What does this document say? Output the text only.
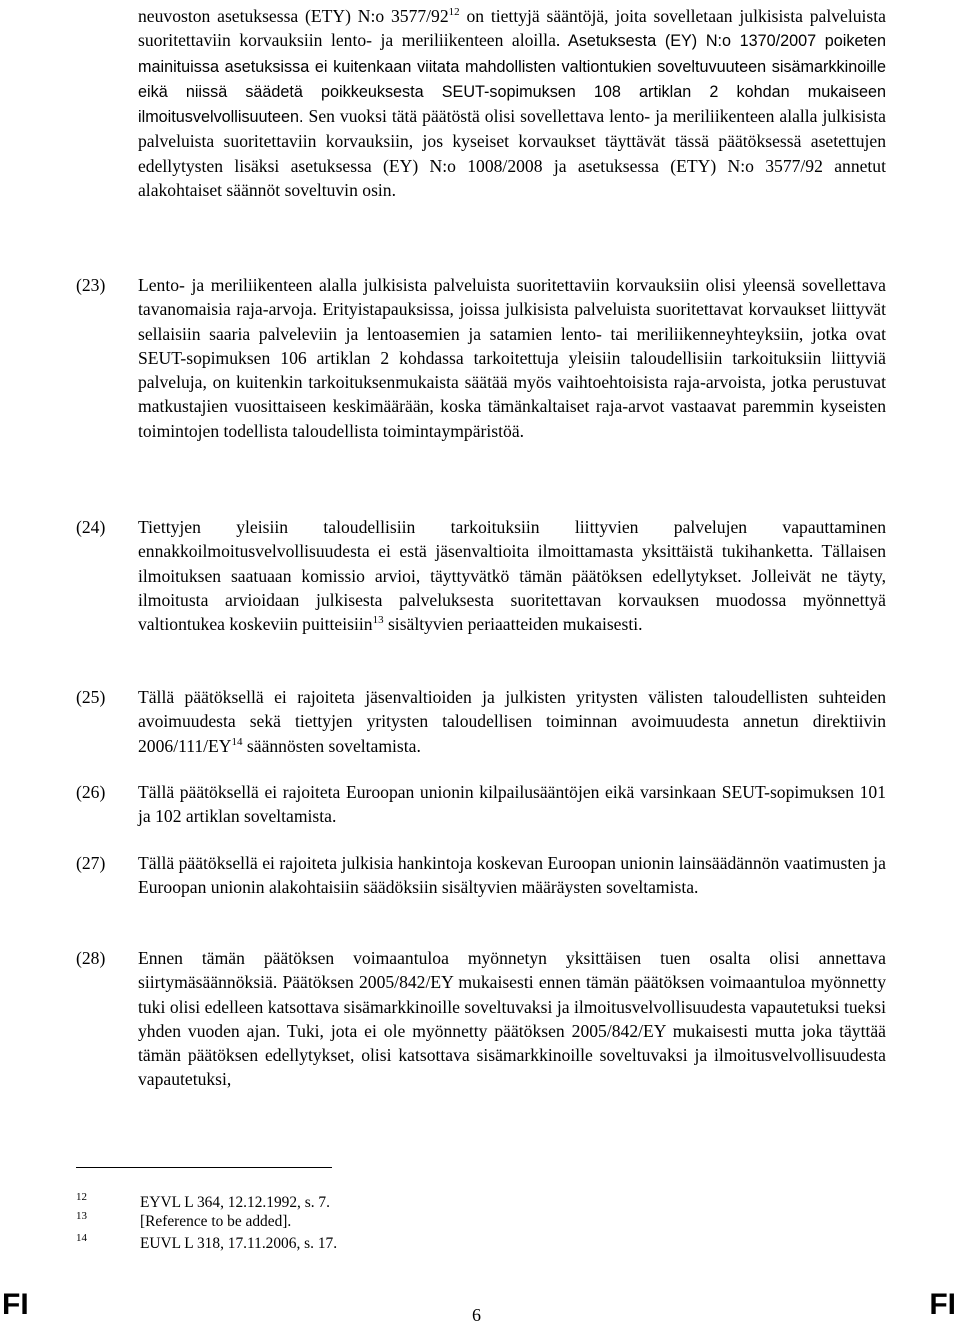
neuvoston asetuksessa (ETY) N:o $3577/92^{12}$ on tiettyjä sääntöjä, joita sovelletaan julkisista palveluista suoritettaviin korvauksiin lento- ja meriliikenteen aloilla. Asetuksesta (EY) N:o 1370/2007 poiketen mainituissa asetuksissa ei kuitenkaan viitata mahdollisten valtiontukien soveltuvuuteen sisämarkkinoille eikä niissä säädetä poikkeuksesta SEUT-sopimuksen 108 artiklan 2 kohdan mukaiseen ilmoitusvelvollisuuteen. Sen vuoksi tätä päätöstä olisi sovellettava lento- ja meriliikenteen alalla julkisista palveluista suoritettaviin korvauksiin, jos kyseiset korvaukset täyttävät tässä päätöksessä asetettujen edellytysten lisäksi asetuksessa (EY) N:o 1008/2008 ja asetuksessa (ETY) N:o 3577/92 annetut alakohtaiset säännöt soveltuvin osin.

(23) Lento- ja meriliikenteen alalla julkisista palveluista suoritettaviin korvauksiin olisi yleensä sovellettava tavanomaisia raja-arvoja. Erityistapauksissa, joissa julkisista palveluista suoritettavat korvaukset liittyvät sellaisiin saaria palveleviin ja lentoasemien ja satamien lento- tai meriliikenneyhteyksiin, jotka ovat SEUT-sopimuksen 106 artiklan 2 kohdassa tarkoitettuja yleisiin taloudellisiin tarkoituksiin liittyviä palveluja, on kuitenkin tarkoituksenmukaista säätää myös vaihtoehtoisista raja-arvoista, jotka perustuvat matkustajien vuosittaiseen keskimäärään, koska tämänkaltaiset raja-arvot vastaavat paremmin kyseisten toimintojen todellista taloudellista toimintaympäristöä.

(24) Tiettyjen yleisiin taloudellisiin tarkoituksiin liittyvien palvelujen vapauttaminen ennakkoilmoitusvelvollisuudesta ei estä jäsenvaltioita ilmoittamasta yksittäistä tukihanketta. Tällaisen ilmoituksen saatuaan komissio arvioi, täyttyvätkö tämän päätöksen edellytykset. Jolleivät ne täyty, ilmoitusta arvioidaan julkisesta palveluksesta suoritettavan korvauksen muodossa myönnettyä valtiontukea koskeviin puitteisiin$^{13}$ sisältyvien periaatteiden mukaisesti.

(25) Tällä päätöksellä ei rajoiteta jäsenvaltioiden ja julkisten yritysten välisten taloudellisten suhteiden avoimuudesta sekä tiettyjen yritysten taloudellisen toiminnan avoimuudesta annetun direktiivin 2006/111/EY$^{14}$ säännösten soveltamista.

(26) Tällä päätöksellä ei rajoiteta Euroopan unionin kilpailusääntöjen eikä varsinkaan SEUT-sopimuksen 101 ja 102 artiklan soveltamista.

(27) Tällä päätöksellä ei rajoiteta julkisia hankintoja koskevan Euroopan unionin lainsäädännön vaatimusten ja Euroopan unionin alakohtaisiin säädöksiin sisältyvien määräysten soveltamista.

(28) Ennen tämän päätöksen voimaantuloa myönnetyn yksittäisen tuen osalta olisi annettava siirtymäsäännöksiä. Päätöksen 2005/842/EY mukaisesti ennen tämän päätöksen voimaantuloa myönnetty tuki olisi edelleen katsottava sisämarkkinoille soveltuvaksi ja ilmoitusvelvollisuudesta vapautetuksi tueksi yhden vuoden ajan. Tuki, jota ei ole myönnetty päätöksen 2005/842/EY mukaisesti mutta joka täyttää tämän päätöksen edellytykset, olisi katsottava sisämarkkinoille soveltuvaksi ja ilmoitusvelvollisuudesta vapautetuksi,

12	EYVL L 364, 12.12.1992, s. 7.
13	[Reference to be added].
14	EUVL L 318, 17.11.2006, s. 17.
FI	6	FI
